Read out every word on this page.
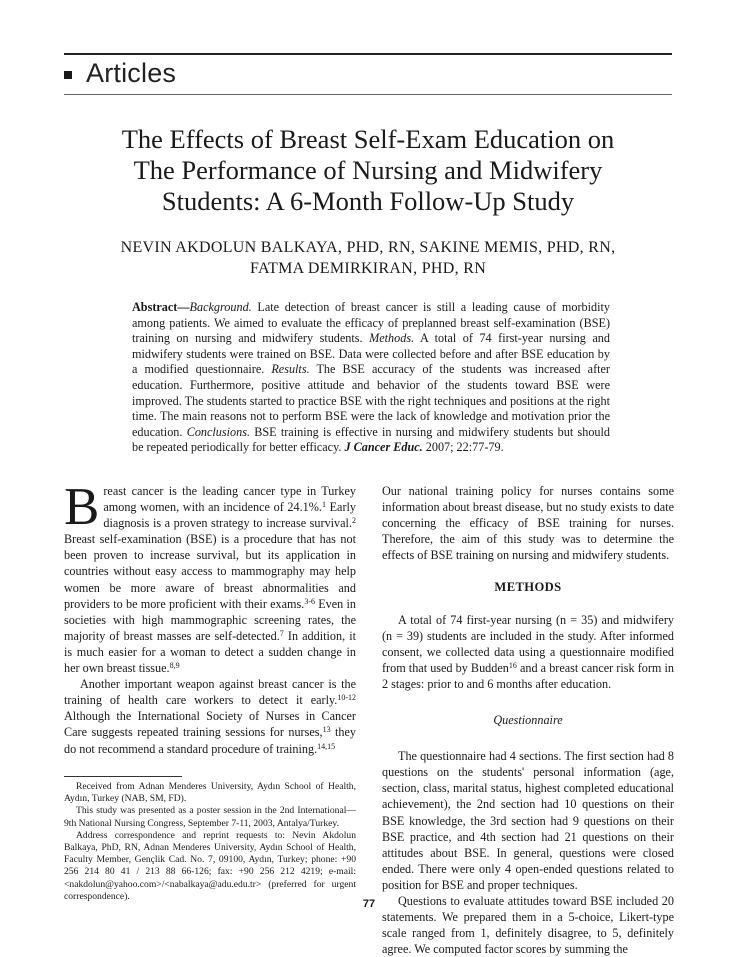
Articles
The Effects of Breast Self-Exam Education on
The Performance of Nursing and Midwifery
Students: A 6-Month Follow-Up Study
NEVIN AKDOLUN BALKAYA, PHD, RN, SAKINE MEMIS, PHD, RN,
FATMA DEMIRKIRAN, PHD, RN
Abstract—Background. Late detection of breast cancer is still a leading cause of morbidity among patients. We aimed to evaluate the efficacy of preplanned breast self-examination (BSE) training on nursing and midwifery students. Methods. A total of 74 first-year nursing and midwifery students were trained on BSE. Data were collected before and after BSE education by a modified questionnaire. Results. The BSE accuracy of the students was increased after education. Furthermore, positive attitude and behavior of the students toward BSE were improved. The students started to practice BSE with the right techniques and positions at the right time. The main reasons not to perform BSE were the lack of knowledge and motivation prior the education. Conclusions. BSE training is effective in nursing and midwifery students but should be repeated periodically for better efficacy. J Cancer Educ. 2007; 22:77-79.

Breast cancer is the leading cancer type in Turkey among women, with an incidence of 24.1%.$^1$ Early diagnosis is a proven strategy to increase survival.$^2$ Breast self-examination (BSE) is a procedure that has not been proven to increase survival, but its application in countries without easy access to mammography may help women be more aware of breast abnormalities and providers to be more proficient with their exams.$^{3-6}$ Even in societies with high mammographic screening rates, the majority of breast masses are self-detected.$^7$ In addition, it is much easier for a woman to detect a sudden change in her own breast tissue.$^{8,9}$

Another important weapon against breast cancer is the training of health care workers to detect it early.$^{10-12}$ Although the International Society of Nurses in Cancer Care suggests repeated training sessions for nurses,$^{13}$ they do not recommend a standard procedure of training.$^{14,15}$

Our national training policy for nurses contains some information about breast disease, but no study exists to date concerning the efficacy of BSE training for nurses. Therefore, the aim of this study was to determine the effects of BSE training on nursing and midwifery students.

METHODS

A total of 74 first-year nursing (n = 35) and midwifery (n = 39) students are included in the study. After informed consent, we collected data using a questionnaire modified from that used by Budden$^{16}$ and a breast cancer risk form in 2 stages: prior to and 6 months after education.

Questionnaire

The questionnaire had 4 sections. The first section had 8 questions on the students' personal information (age, section, class, marital status, highest completed educational achievement), the 2nd section had 10 questions on their BSE knowledge, the 3rd section had 9 questions on their BSE practice, and 4th section had 21 questions on their attitudes about BSE. In general, questions were closed ended. There were only 4 open-ended questions related to position for BSE and proper techniques.

Questions to evaluate attitudes toward BSE included 20 statements. We prepared them in a 5-choice, Likert-type scale ranged from 1, definitely disagree, to 5, definitely agree. We computed factor scores by summing the

Received from Adnan Menderes University, Aydın School of Health, Aydın, Turkey (NAB, SM, FD).

This study was presented as a poster session in the 2nd International—9th National Nursing Congress, September 7-11, 2003, Antalya/Turkey.

Address correspondence and reprint requests to: Nevin Akdolun Balkaya, PhD, RN, Adnan Menderes University, Aydın School of Health, Faculty Member, Gençlik Cad. No. 7, 09100, Aydın, Turkey; phone: +90 256 214 80 41 / 213 88 66-126; fax: +90 256 212 4219; e-mail: <nakdolun@yahoo.com>/<nabalkaya@adu.edu.tr> (preferred for urgent correspondence).

77
